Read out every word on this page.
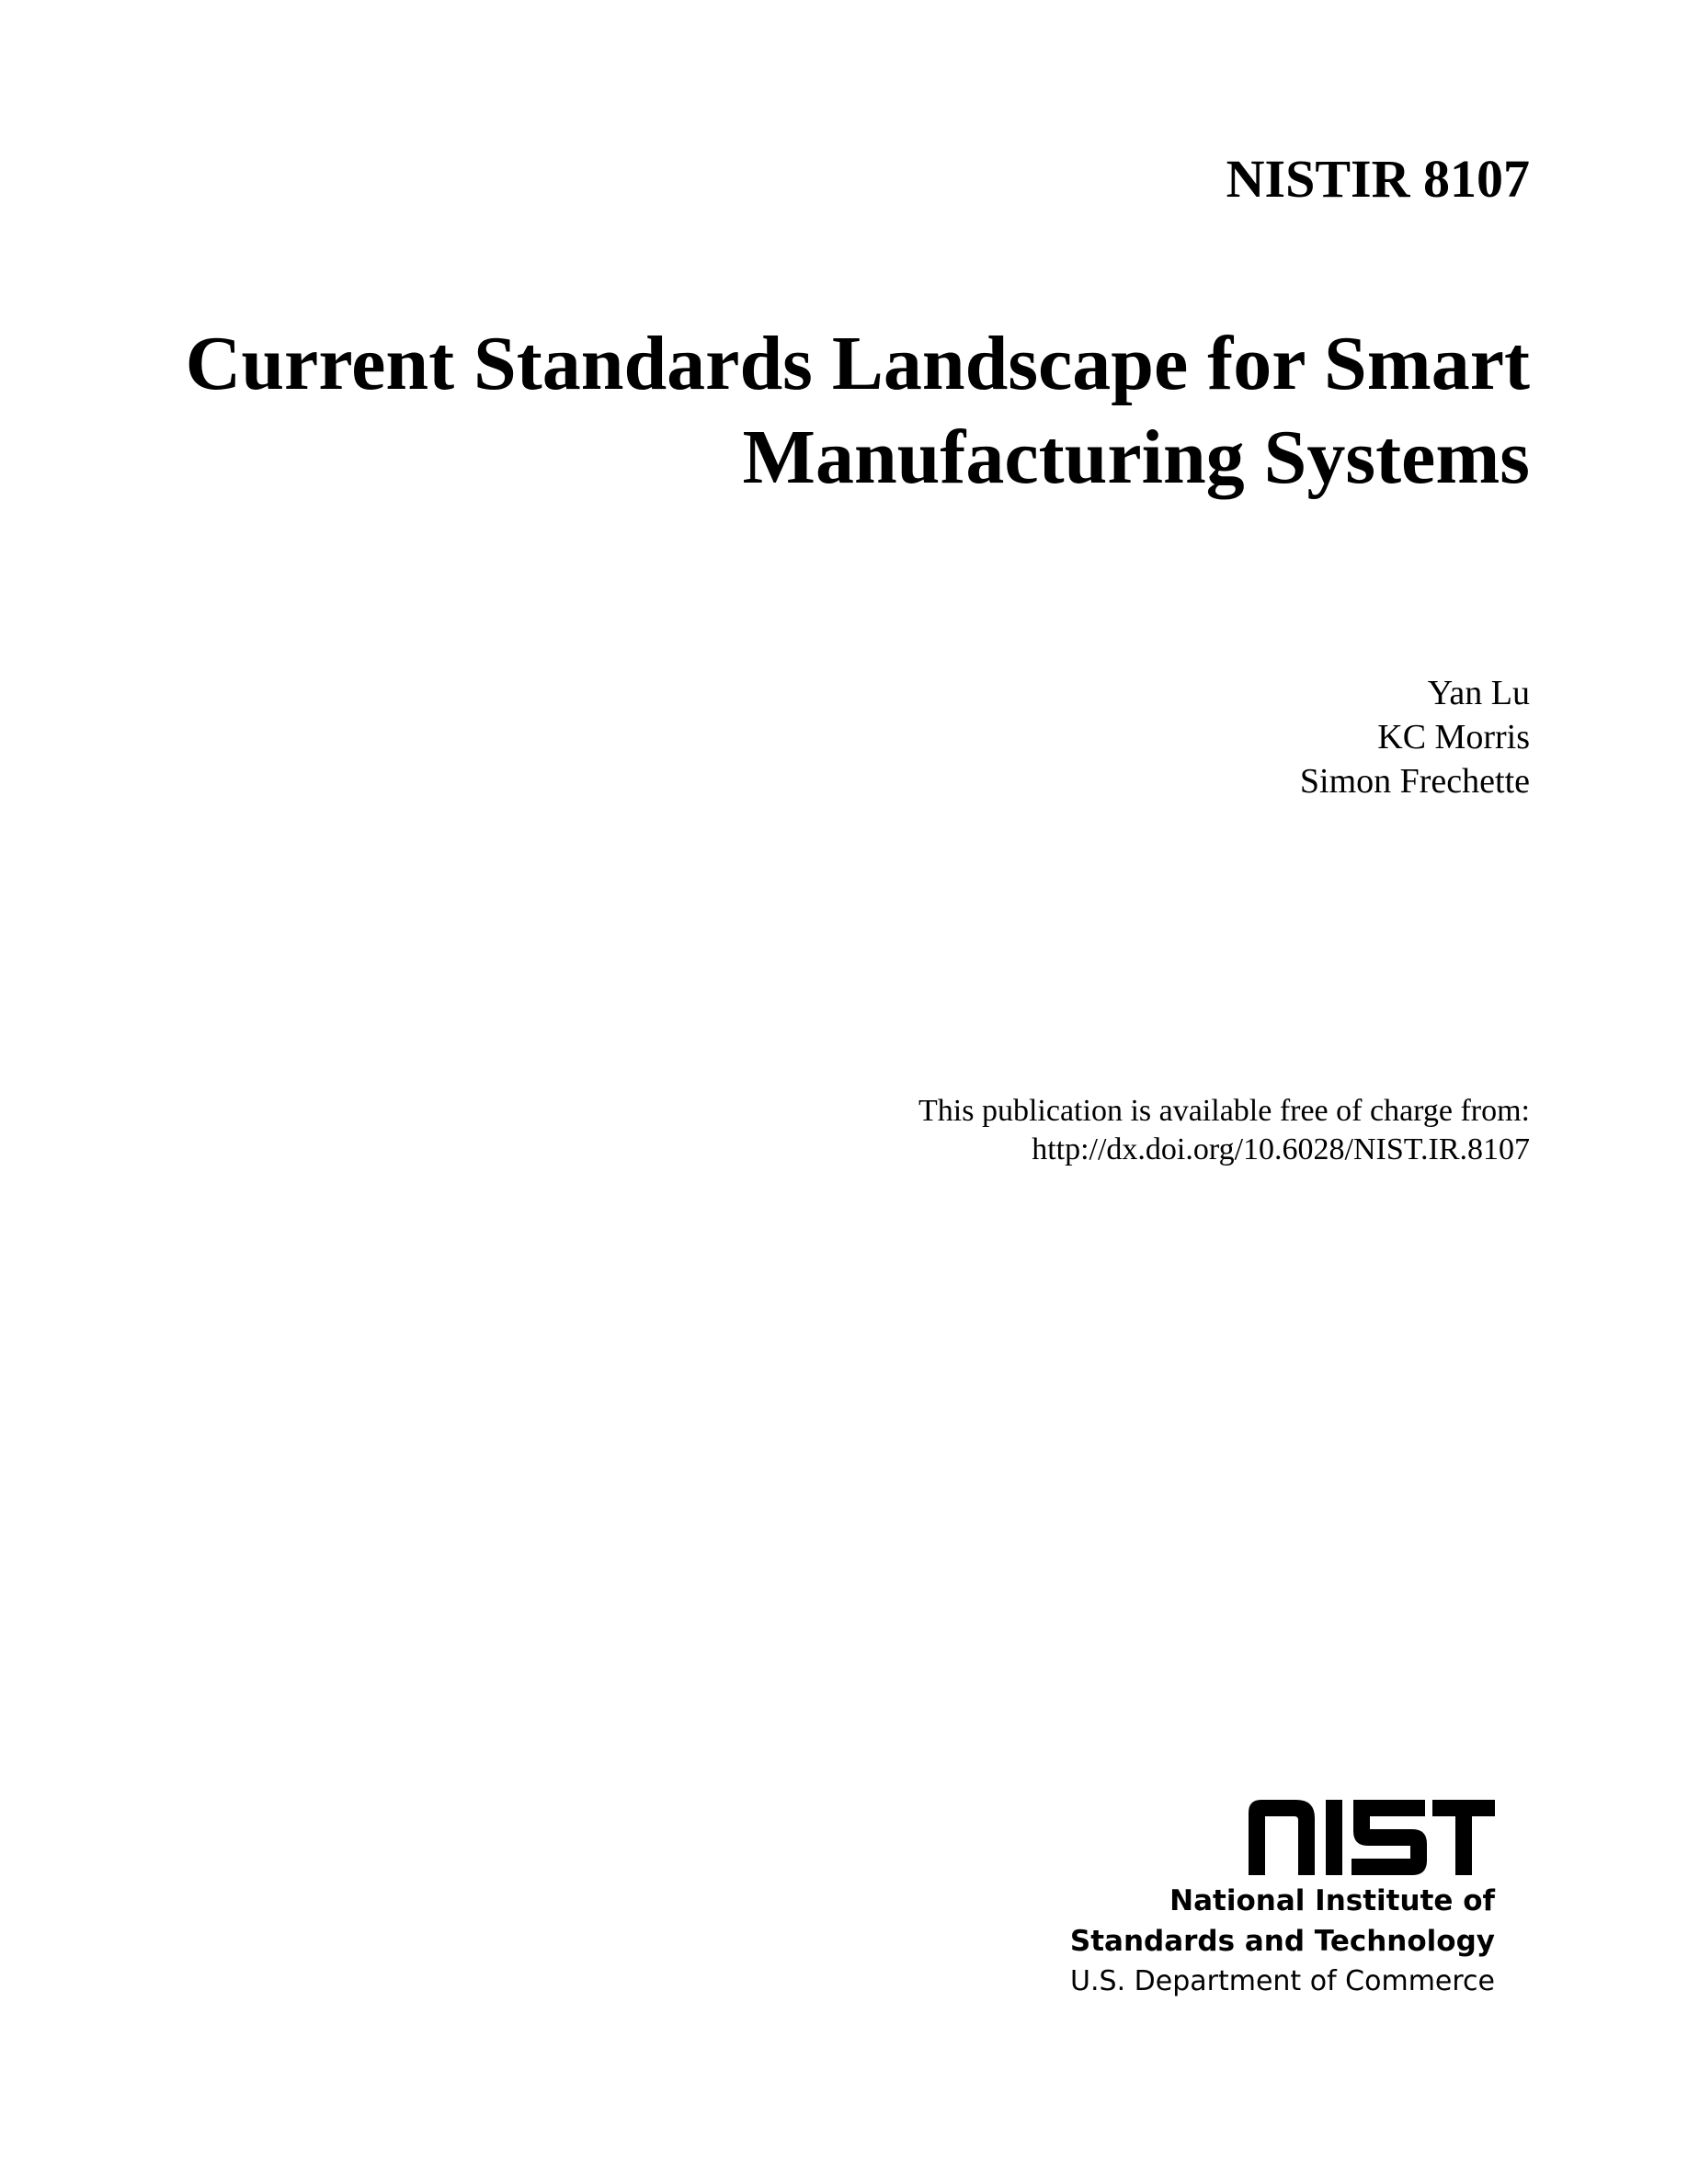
NISTIR 8107
Current Standards Landscape for Smart
Manufacturing Systems
Yan Lu
KC Morris
Simon Frechette
This publication is available free of charge from:
http://dx.doi.org/10.6028/NIST.IR.8107
National Institute of
Standards and Technology
U.S. Department of Commerce
